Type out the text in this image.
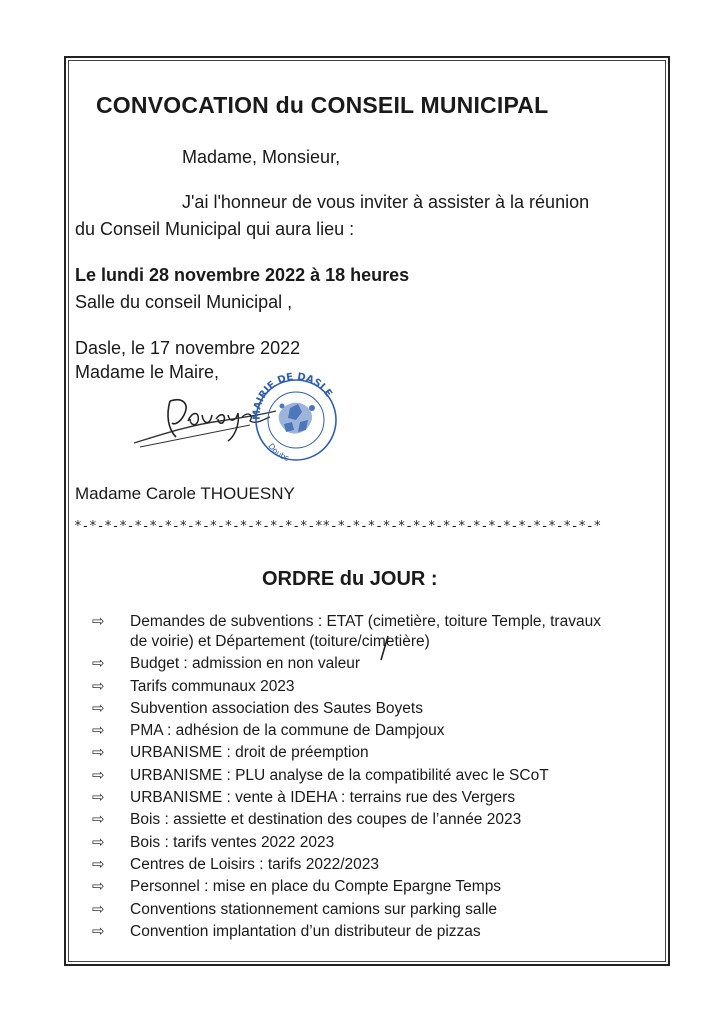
CONVOCATION du CONSEIL MUNICIPAL
Madame, Monsieur,
J'ai l'honneur de vous inviter à assister à la réunion
du Conseil Municipal qui aura lieu :
Le lundi 28 novembre 2022 à 18 heures
Salle du conseil Municipal ,
Dasle, le 17 novembre 2022
Madame le Maire,
MAIRIE DE DASLE
Doubs
Madame Carole THOUESNY
*-*-*-*-*-*-*-*-*-*-*-*-*-*-*-*-**-*-*-*-*-*-*-*-*-*-*-*-*-*-*-*-*-*-*
ORDRE du JOUR :
⇨ Demandes de subventions : ETAT (cimetière, toiture Temple, travaux
de voirie) et Département (toiture/cimetière)
⇨ Budget : admission en non valeur
⇨ Tarifs communaux 2023
⇨ Subvention association des Sautes Boyets
⇨ PMA : adhésion de la commune de Dampjoux
⇨ URBANISME : droit de préemption
⇨ URBANISME : PLU analyse de la compatibilité avec le SCoT
⇨ URBANISME : vente à IDEHA : terrains rue des Vergers
⇨ Bois : assiette et destination des coupes de l’année 2023
⇨ Bois : tarifs ventes 2022 2023
⇨ Centres de Loisirs : tarifs 2022/2023
⇨ Personnel : mise en place du Compte Epargne Temps
⇨ Conventions stationnement camions sur parking salle
⇨ Convention implantation d’un distributeur de pizzas
